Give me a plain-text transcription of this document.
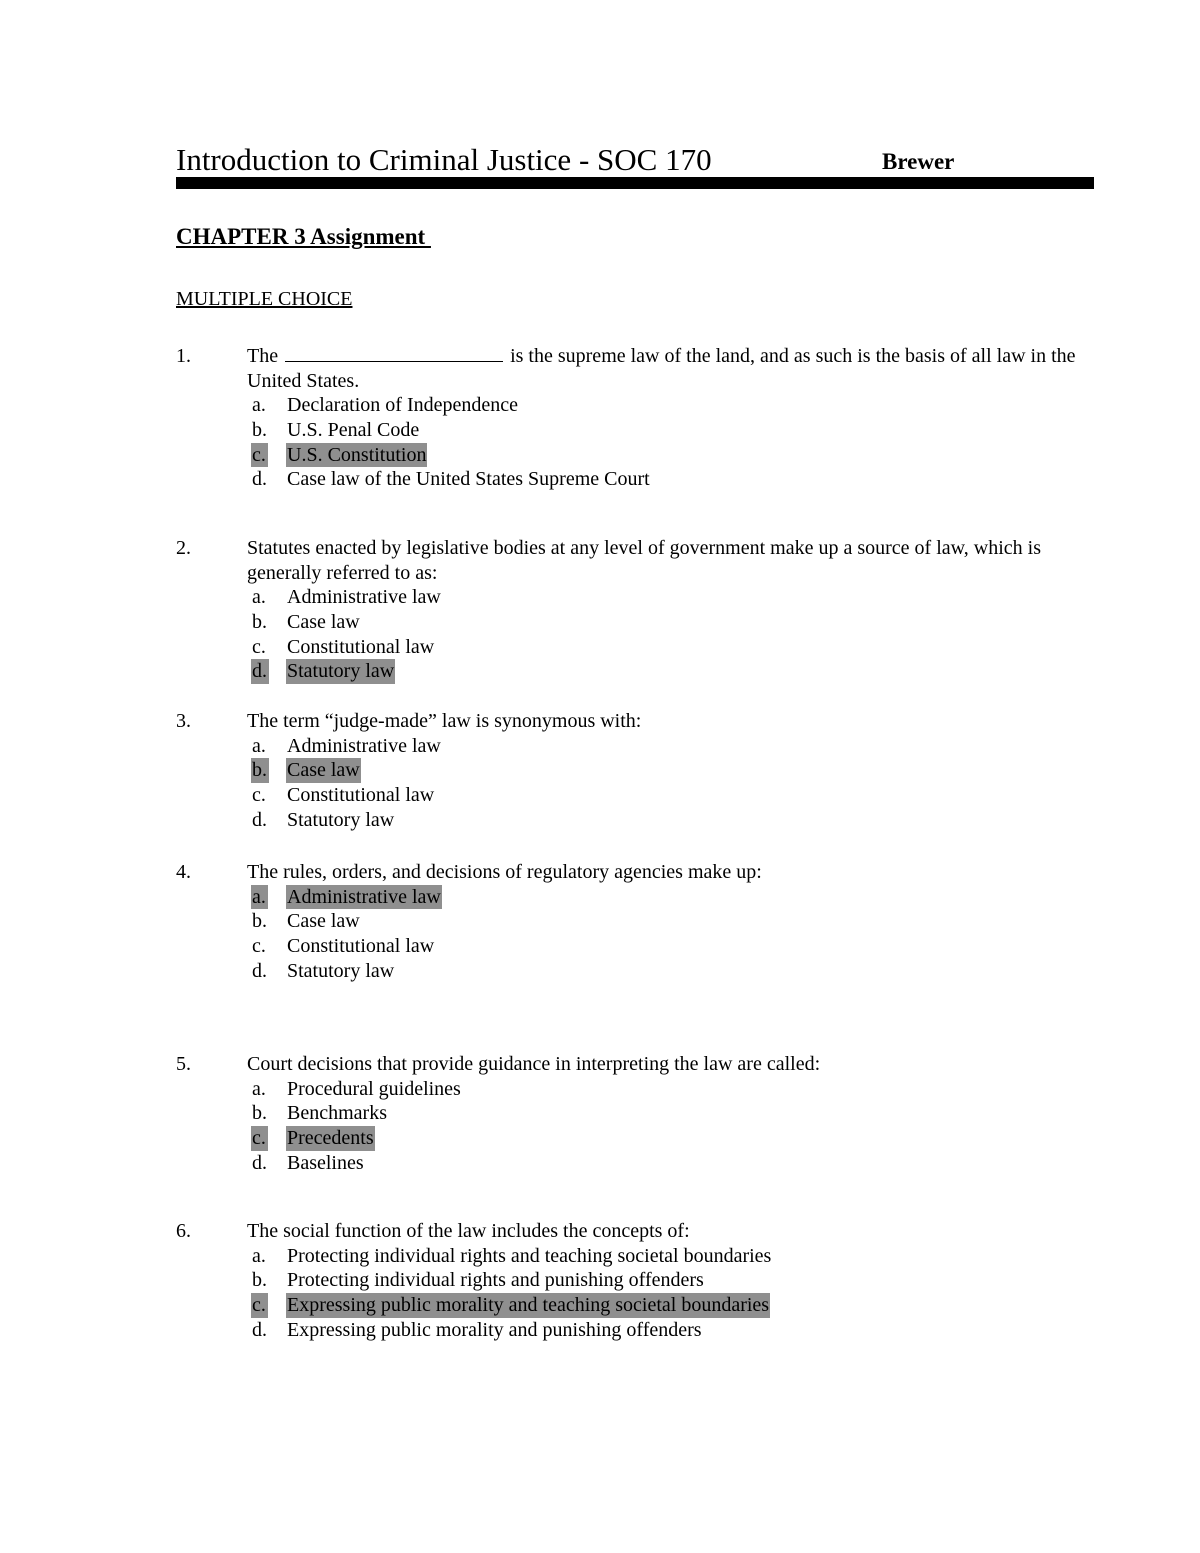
Introduction to Criminal Justice - SOC 170	Brewer
CHAPTER 3 Assignment
MULTIPLE CHOICE
1.	The	is the supreme law of the land, and as such is the basis of all law in the United States.
a. Declaration of Independence
b. U.S. Penal Code
c. U.S. Constitution
d. Case law of the United States Supreme Court
2.	Statutes enacted by legislative bodies at any level of government make up a source of law, which is generally referred to as:
a. Administrative law
b. Case law
c. Constitutional law
d. Statutory law
3.	The term “judge-made” law is synonymous with:
a. Administrative law
b. Case law
c. Constitutional law
d. Statutory law
4.	The rules, orders, and decisions of regulatory agencies make up:
a. Administrative law
b. Case law
c. Constitutional law
d. Statutory law
5.	Court decisions that provide guidance in interpreting the law are called:
a. Procedural guidelines
b. Benchmarks
c. Precedents
d. Baselines
6.	The social function of the law includes the concepts of:
a. Protecting individual rights and teaching societal boundaries
b. Protecting individual rights and punishing offenders
c. Expressing public morality and teaching societal boundaries
d. Expressing public morality and punishing offenders
